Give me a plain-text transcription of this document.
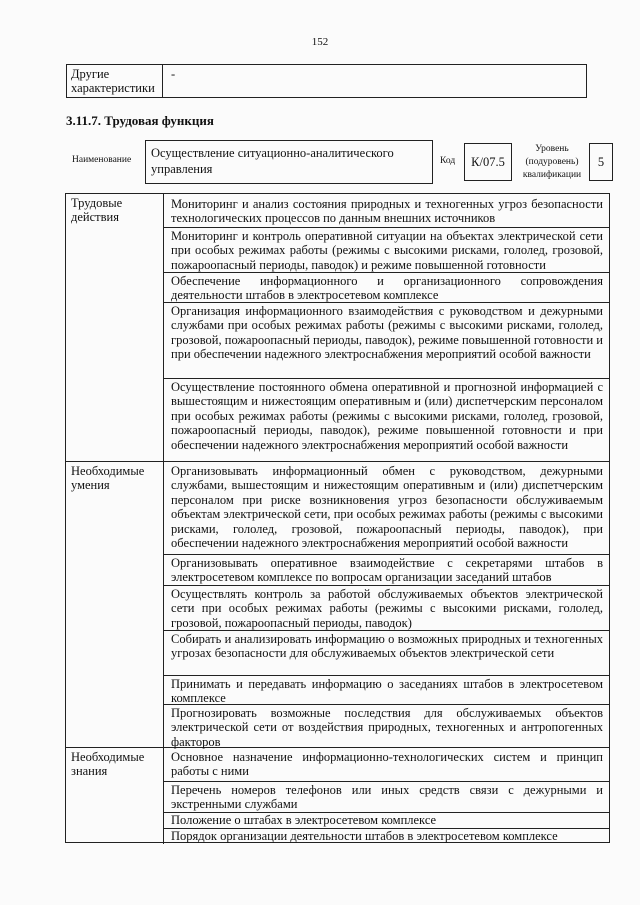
152
Другие характеристики
-
3.11.7. Трудовая функция
Наименование	Осуществление ситуационно-аналитического управления
Код	К/07.5
Уровень (подуровень) квалификации
5
Трудовые действия
Необходимые умения
Необходимые знания
Мониторинг и анализ состояния природных и техногенных угроз безопасности технологических процессов по данным внешних источников
Мониторинг и контроль оперативной ситуации на объектах электрической сети при особых режимах работы (режимы с высокими рисками, гололед, грозовой, пожароопасный периоды, паводок) и режиме повышенной готовности
Обеспечение информационного и организационного сопровождения деятельности штабов в электросетевом комплексе
Организация информационного взаимодействия с руководством и дежурными службами при особых режимах работы (режимы с высокими рисками, гололед, грозовой, пожароопасный периоды, паводок), режиме повышенной готовности и при обеспечении надежного электроснабжения мероприятий особой важности
Осуществление постоянного обмена оперативной и прогнозной информацией с вышестоящим и нижестоящим оперативным и (или) диспетчерским персоналом при особых режимах работы (режимы с высокими рисками, гололед, грозовой, пожароопасный периоды, паводок), режиме повышенной готовности и при обеспечении надежного электроснабжения мероприятий особой важности
Организовывать информационный обмен с руководством, дежурными службами, вышестоящим и нижестоящим оперативным и (или) диспетчерским персоналом при риске возникновения угроз безопасности обслуживаемым объектам электрической сети, при особых режимах работы (режимы с высокими рисками, гололед, грозовой, пожароопасный периоды, паводок), при обеспечении надежного электроснабжения мероприятий особой важности
Организовывать оперативное взаимодействие с секретарями штабов в электросетевом комплексе по вопросам организации заседаний штабов
Осуществлять контроль за работой обслуживаемых объектов электрической сети при особых режимах работы (режимы с высокими рисками, гололед, грозовой, пожароопасный периоды, паводок)
Собирать и анализировать информацию о возможных природных и техногенных угрозах безопасности для обслуживаемых объектов электрической сети
Принимать и передавать информацию о заседаниях штабов в электросетевом комплексе
Прогнозировать возможные последствия для обслуживаемых объектов электрической сети от воздействия природных, техногенных и антропогенных факторов
Основное назначение информационно-технологических систем и принцип работы с ними
Перечень номеров телефонов или иных средств связи с дежурными и экстренными службами
Положение о штабах в электросетевом комплексе
Порядок организации деятельности штабов в электросетевом комплексе
